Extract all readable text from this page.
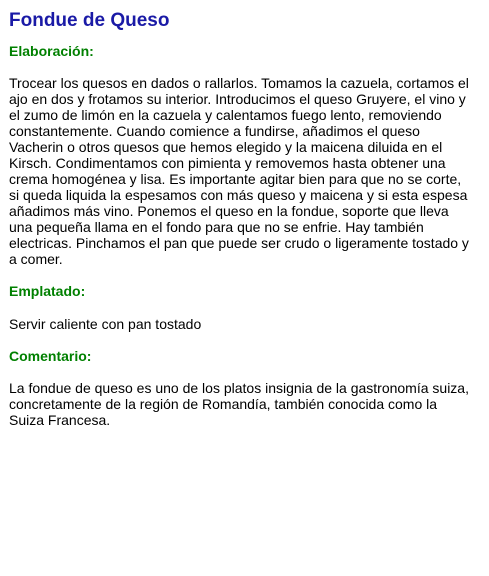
Fondue de Queso
Elaboración:

Trocear los quesos en dados o rallarlos. Tomamos la cazuela, cortamos el ajo en dos y frotamos su interior. Introducimos el queso Gruyere, el vino y el zumo de limón en la cazuela y calentamos fuego lento, removiendo constantemente. Cuando comience a fundirse, añadimos el queso Vacherin o otros quesos que hemos elegido y la maicena diluida en el Kirsch. Condimentamos con pimienta y removemos hasta obtener una crema homogénea y lisa. Es importante agitar bien para que no se corte, si queda liquida la espesamos con más queso y maicena y si esta espesa añadimos más vino. Ponemos el queso en la fondue, soporte que lleva una pequeña llama en el fondo para que no se enfrie. Hay también electricas. Pinchamos el pan que puede ser crudo o ligeramente tostado y a comer.

Emplatado:

Servir caliente con pan tostado

Comentario:

La fondue de queso es uno de los platos insignia de la gastronomía suiza, concretamente de la región de Romandía, también conocida como la Suiza Francesa.
